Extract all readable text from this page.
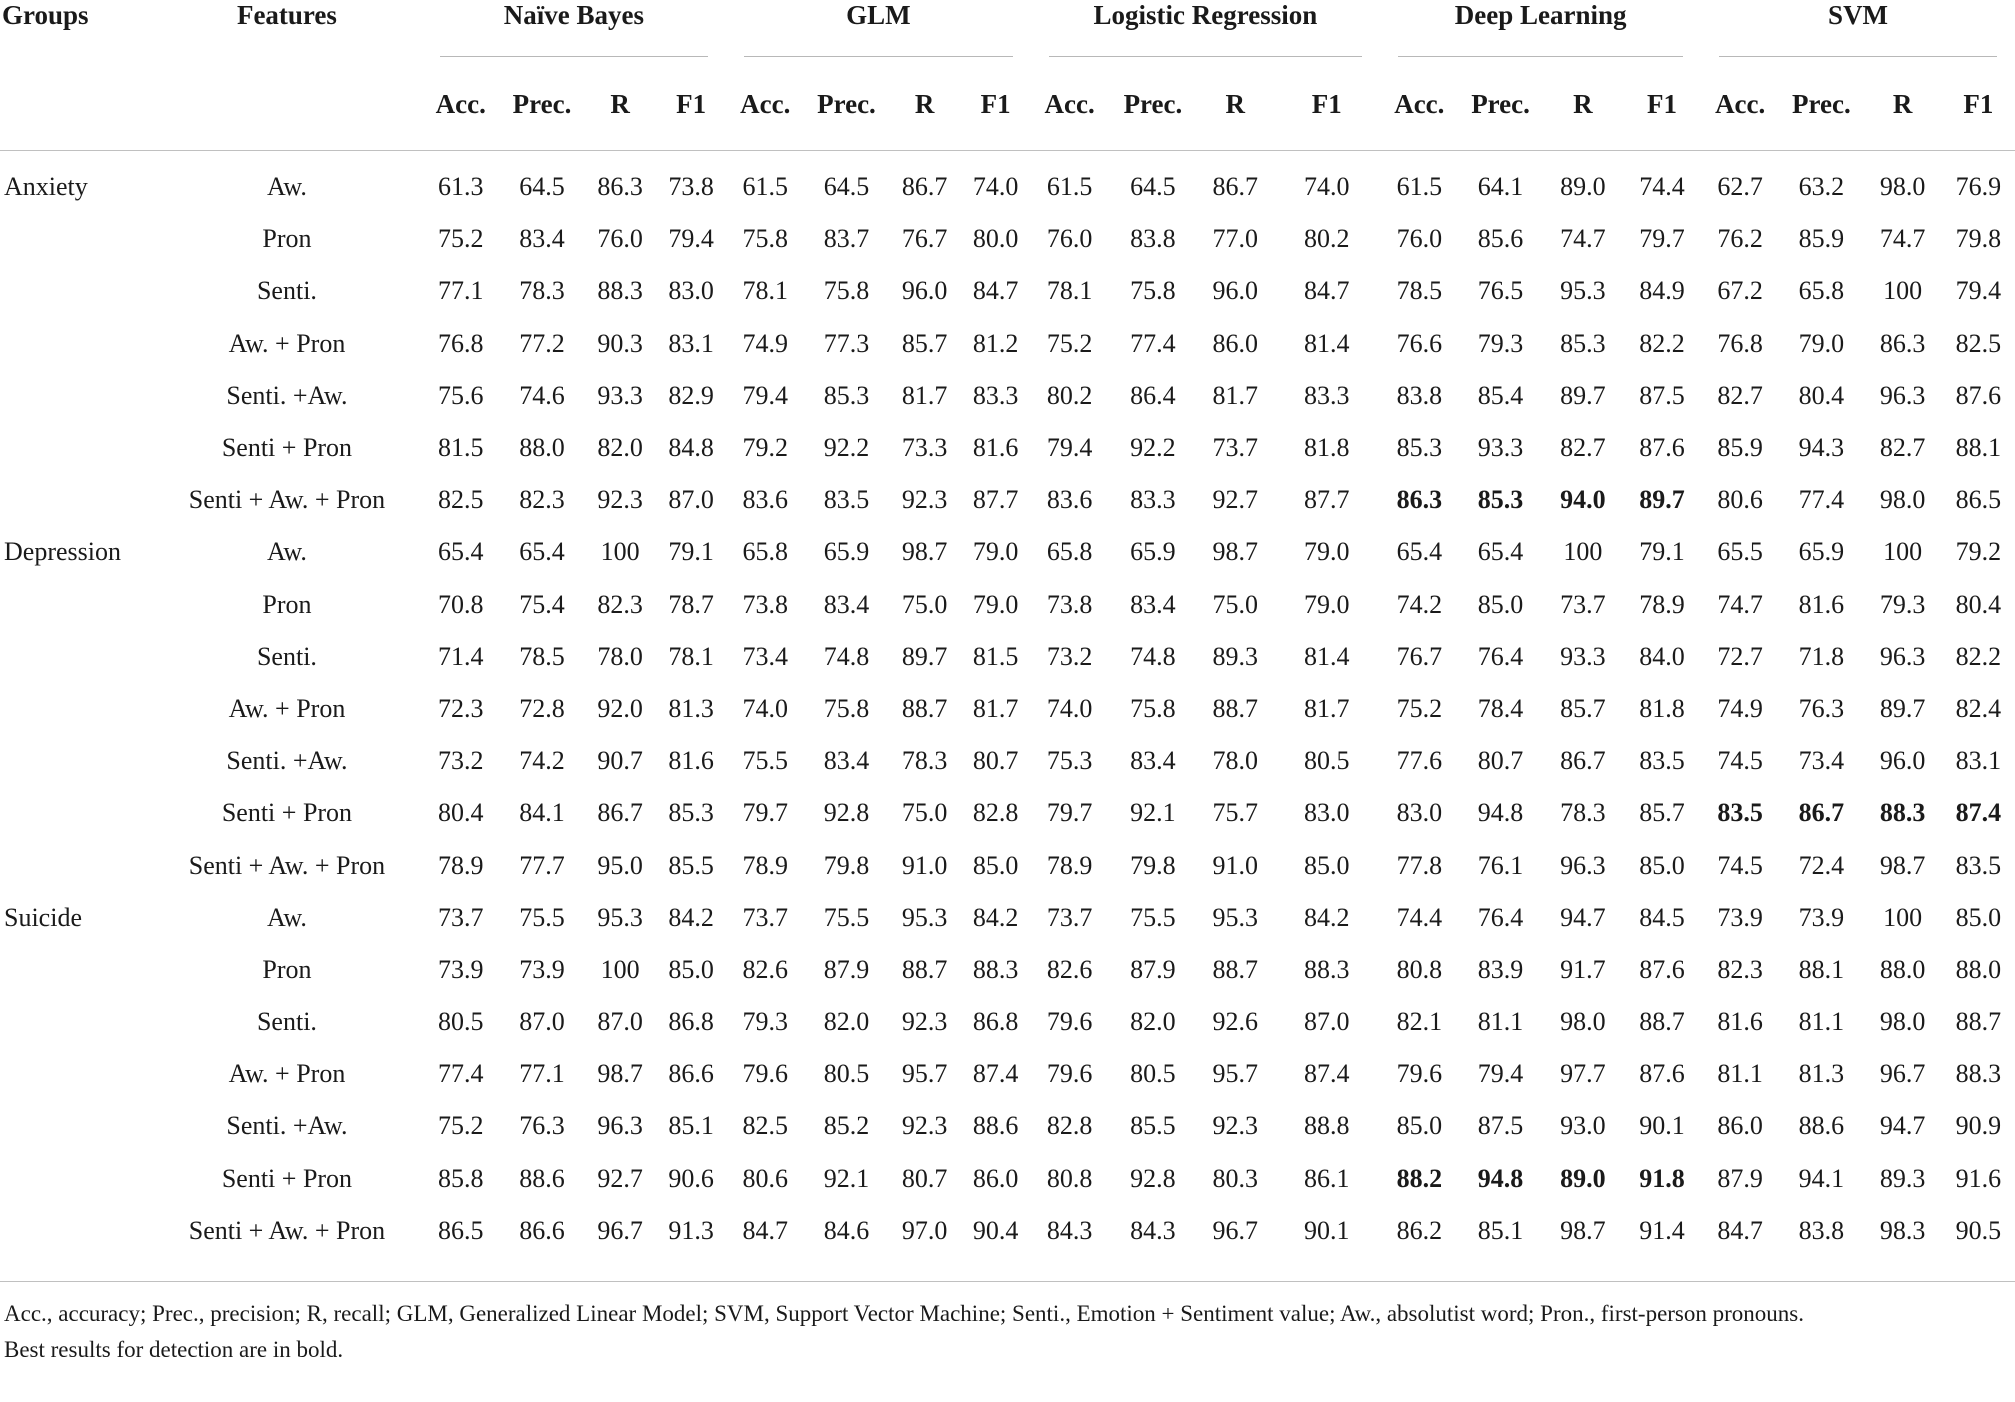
Groups	Features	Naïve Bayes				GLM				Logistic Regression				Deep Learning				SVM			

		Acc.	Prec.	R	F1	Acc.	Prec.	R	F1	Acc.	Prec.	R	F1	Acc.	Prec.	R	F1	Acc.	Prec.	R	F1
Anxiety	Aw.	61.3	64.5	86.3	73.8	61.5	64.5	86.7	74.0	61.5	64.5	86.7	74.0	61.5	64.1	89.0	74.4	62.7	63.2	98.0	76.9
	Pron	75.2	83.4	76.0	79.4	75.8	83.7	76.7	80.0	76.0	83.8	77.0	80.2	76.0	85.6	74.7	79.7	76.2	85.9	74.7	79.8
	Senti.	77.1	78.3	88.3	83.0	78.1	75.8	96.0	84.7	78.1	75.8	96.0	84.7	78.5	76.5	95.3	84.9	67.2	65.8	100	79.4
	Aw. + Pron	76.8	77.2	90.3	83.1	74.9	77.3	85.7	81.2	75.2	77.4	86.0	81.4	76.6	79.3	85.3	82.2	76.8	79.0	86.3	82.5
	Senti. +Aw.	75.6	74.6	93.3	82.9	79.4	85.3	81.7	83.3	80.2	86.4	81.7	83.3	83.8	85.4	89.7	87.5	82.7	80.4	96.3	87.6
	Senti + Pron	81.5	88.0	82.0	84.8	79.2	92.2	73.3	81.6	79.4	92.2	73.7	81.8	85.3	93.3	82.7	87.6	85.9	94.3	82.7	88.1
	Senti + Aw. + Pron	82.5	82.3	92.3	87.0	83.6	83.5	92.3	87.7	83.6	83.3	92.7	87.7	86.3	85.3	94.0	89.7	80.6	77.4	98.0	86.5
Depression	Aw.	65.4	65.4	100	79.1	65.8	65.9	98.7	79.0	65.8	65.9	98.7	79.0	65.4	65.4	100	79.1	65.5	65.9	100	79.2
	Pron	70.8	75.4	82.3	78.7	73.8	83.4	75.0	79.0	73.8	83.4	75.0	79.0	74.2	85.0	73.7	78.9	74.7	81.6	79.3	80.4
	Senti.	71.4	78.5	78.0	78.1	73.4	74.8	89.7	81.5	73.2	74.8	89.3	81.4	76.7	76.4	93.3	84.0	72.7	71.8	96.3	82.2
	Aw. + Pron	72.3	72.8	92.0	81.3	74.0	75.8	88.7	81.7	74.0	75.8	88.7	81.7	75.2	78.4	85.7	81.8	74.9	76.3	89.7	82.4
	Senti. +Aw.	73.2	74.2	90.7	81.6	75.5	83.4	78.3	80.7	75.3	83.4	78.0	80.5	77.6	80.7	86.7	83.5	74.5	73.4	96.0	83.1
	Senti + Pron	80.4	84.1	86.7	85.3	79.7	92.8	75.0	82.8	79.7	92.1	75.7	83.0	83.0	94.8	78.3	85.7	83.5	86.7	88.3	87.4
	Senti + Aw. + Pron	78.9	77.7	95.0	85.5	78.9	79.8	91.0	85.0	78.9	79.8	91.0	85.0	77.8	76.1	96.3	85.0	74.5	72.4	98.7	83.5
Suicide	Aw.	73.7	75.5	95.3	84.2	73.7	75.5	95.3	84.2	73.7	75.5	95.3	84.2	74.4	76.4	94.7	84.5	73.9	73.9	100	85.0
	Pron	73.9	73.9	100	85.0	82.6	87.9	88.7	88.3	82.6	87.9	88.7	88.3	80.8	83.9	91.7	87.6	82.3	88.1	88.0	88.0
	Senti.	80.5	87.0	87.0	86.8	79.3	82.0	92.3	86.8	79.6	82.0	92.6	87.0	82.1	81.1	98.0	88.7	81.6	81.1	98.0	88.7
	Aw. + Pron	77.4	77.1	98.7	86.6	79.6	80.5	95.7	87.4	79.6	80.5	95.7	87.4	79.6	79.4	97.7	87.6	81.1	81.3	96.7	88.3
	Senti. +Aw.	75.2	76.3	96.3	85.1	82.5	85.2	92.3	88.6	82.8	85.5	92.3	88.8	85.0	87.5	93.0	90.1	86.0	88.6	94.7	90.9
	Senti + Pron	85.8	88.6	92.7	90.6	80.6	92.1	80.7	86.0	80.8	92.8	80.3	86.1	88.2	94.8	89.0	91.8	87.9	94.1	89.3	91.6
	Senti + Aw. + Pron	86.5	86.6	96.7	91.3	84.7	84.6	97.0	90.4	84.3	84.3	96.7	90.1	86.2	85.1	98.7	91.4	84.7	83.8	98.3	90.5
Acc., accuracy; Prec., precision; R, recall; GLM, Generalized Linear Model; SVM, Support Vector Machine; Senti., Emotion + Sentiment value; Aw., absolutist word; Pron., first-person pronouns.
Best results for detection are in bold.
